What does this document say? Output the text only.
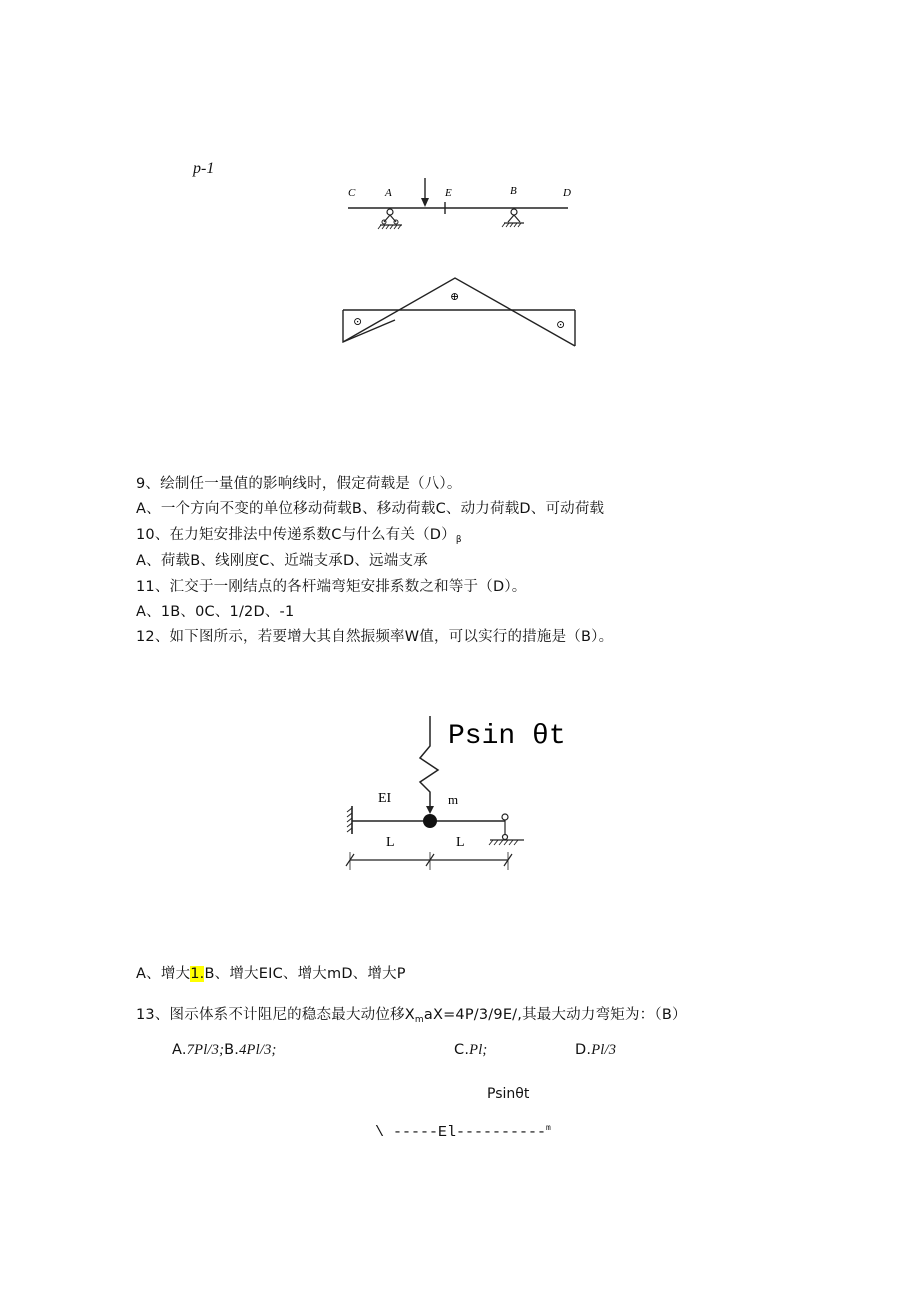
p-1
C	A	E	B	D
⊙
⊕
⊙
9、绘制任一量值的影响线时，假定荷载是（八）。
A、一个方向不变的单位移动荷载B、移动荷载C、动力荷载D、可动荷载
10、在力矩安排法中传递系数C与什么有关$(D)_\beta$
A、荷载B、线刚度C、近端支承D、远端支承
11、汇交于一刚结点的各杆端弯矩安排系数之和等于（D）。
A、1B、0C、1/2D、-1
12、如下图所示，若要增大其自然振频率W值，可以实行的措施是（B）。
Psin θt
EI	m
L	L
A、增大1.B、增大EIC、增大mD、增大P
13、图示体系不计阻尼的稳态最大动位移$X_maX=4P/3/9E/$,其最大动力弯矩为：（B）
A.7Pl/3;B.4Pl/3;	C.Pl;	D.Pl/3
Psinθt
\ -----El----------$^m$
